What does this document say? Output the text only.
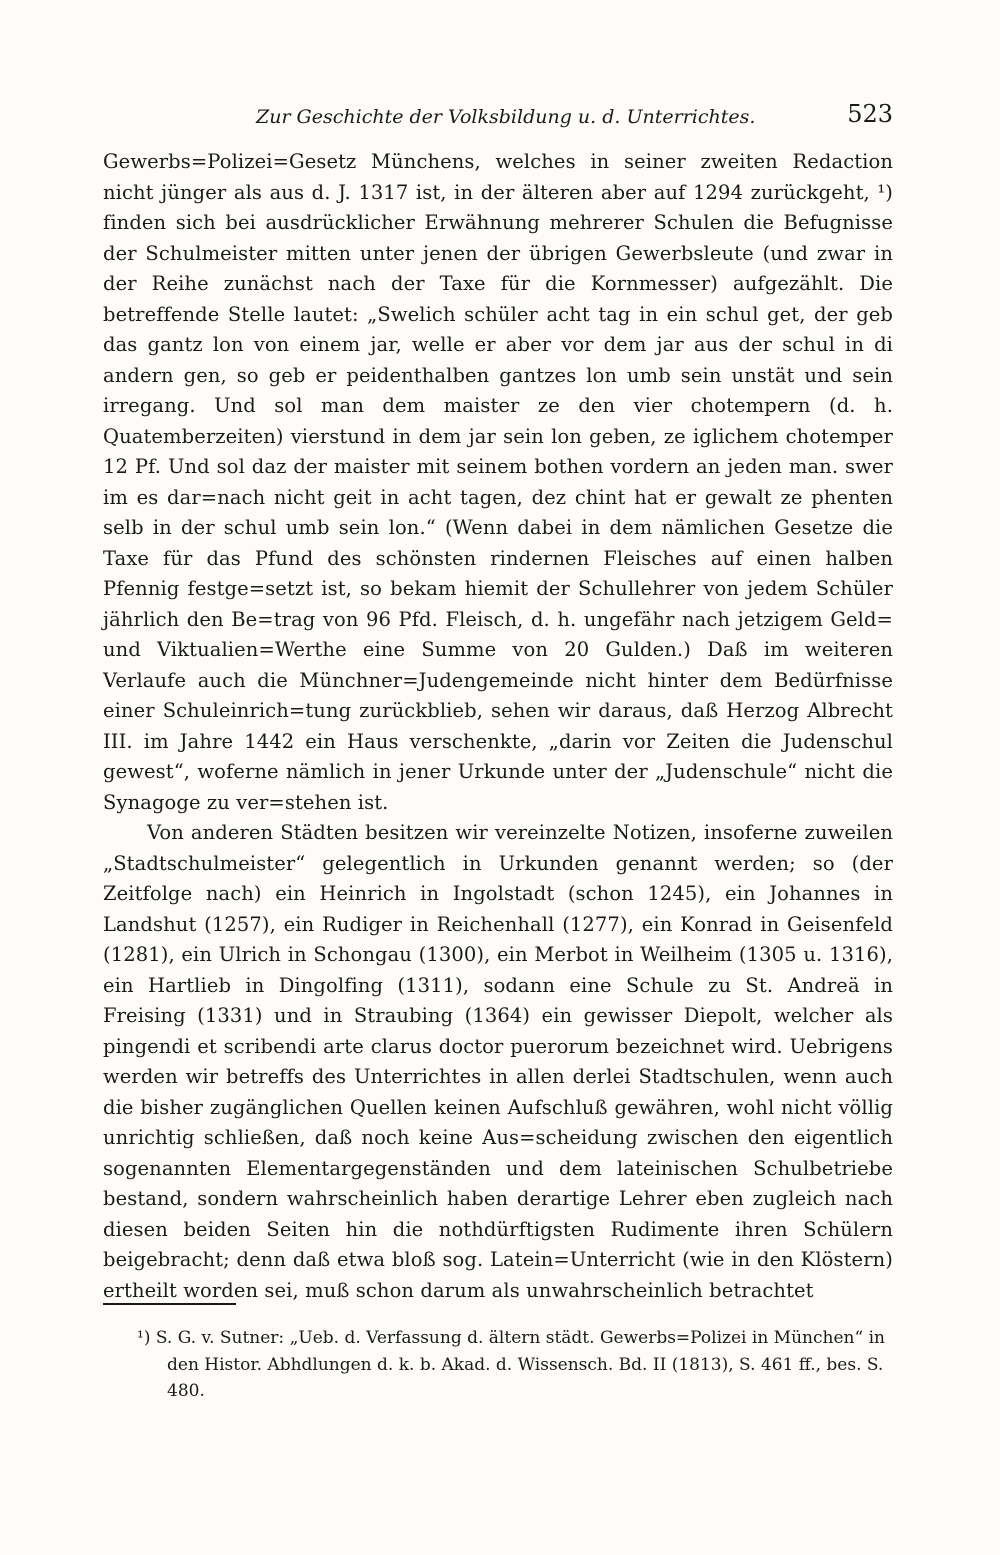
Zur Geschichte der Volksbildung u. d. Unterrichtes.	523

Gewerbs=Polizei=Gesetz Münchens, welches in seiner zweiten Redaction nicht jünger als aus d. J. 1317 ist, in der älteren aber auf 1294 zurückgeht, ¹) finden sich bei ausdrücklicher Erwähnung mehrerer Schulen die Befugnisse der Schulmeister mitten unter jenen der übrigen Gewerbsleute (und zwar in der Reihe zunächst nach der Taxe für die Kornmesser) aufgezählt. Die betreffende Stelle lautet: „Swelich schüler acht tag in ein schul get, der geb das gantz lon von einem jar, welle er aber vor dem jar aus der schul in di andern gen, so geb er peidenthalben gantzes lon umb sein unstät und sein irregang. Und sol man dem maister ze den vier chotempern (d. h. Quatemberzeiten) vierstund in dem jar sein lon geben, ze iglichem chotemper 12 Pf. Und sol daz der maister mit seinem bothen vordern an jeden man. swer im es dar=nach nicht geit in acht tagen, dez chint hat er gewalt ze phenten selb in der schul umb sein lon.“ (Wenn dabei in dem nämlichen Gesetze die Taxe für das Pfund des schönsten rindernen Fleisches auf einen halben Pfennig festge=setzt ist, so bekam hiemit der Schullehrer von jedem Schüler jährlich den Be=trag von 96 Pfd. Fleisch, d. h. ungefähr nach jetzigem Geld= und Viktualien=Werthe eine Summe von 20 Gulden.) Daß im weiteren Verlaufe auch die Münchner=Judengemeinde nicht hinter dem Bedürfnisse einer Schuleinrich=tung zurückblieb, sehen wir daraus, daß Herzog Albrecht III. im Jahre 1442 ein Haus verschenkte, „darin vor Zeiten die Judenschul gewest“, woferne nämlich in jener Urkunde unter der „Judenschule“ nicht die Synagoge zu ver=stehen ist.

Von anderen Städten besitzen wir vereinzelte Notizen, insoferne zuweilen „Stadtschulmeister“ gelegentlich in Urkunden genannt werden; so (der Zeitfolge nach) ein Heinrich in Ingolstadt (schon 1245), ein Johannes in Landshut (1257), ein Rudiger in Reichenhall (1277), ein Konrad in Geisenfeld (1281), ein Ulrich in Schongau (1300), ein Merbot in Weilheim (1305 u. 1316), ein Hartlieb in Dingolfing (1311), sodann eine Schule zu St. Andreä in Freising (1331) und in Straubing (1364) ein gewisser Diepolt, welcher als pingendi et scribendi arte clarus doctor puerorum bezeichnet wird. Uebrigens werden wir betreffs des Unterrichtes in allen derlei Stadtschulen, wenn auch die bisher zugänglichen Quellen keinen Aufschluß gewähren, wohl nicht völlig unrichtig schließen, daß noch keine Aus=scheidung zwischen den eigentlich sogenannten Elementargegenständen und dem lateinischen Schulbetriebe bestand, sondern wahrscheinlich haben derartige Lehrer eben zugleich nach diesen beiden Seiten hin die nothdürftigsten Rudimente ihren Schülern beigebracht; denn daß etwa bloß sog. Latein=Unterricht (wie in den Klöstern) ertheilt worden sei, muß schon darum als unwahrscheinlich betrachtet

¹) S. G. v. Sutner: „Ueb. d. Verfassung d. ältern städt. Gewerbs=Polizei in München“ in den Histor. Abhdlungen d. k. b. Akad. d. Wissensch. Bd. II (1813), S. 461 ff., bes. S. 480.
